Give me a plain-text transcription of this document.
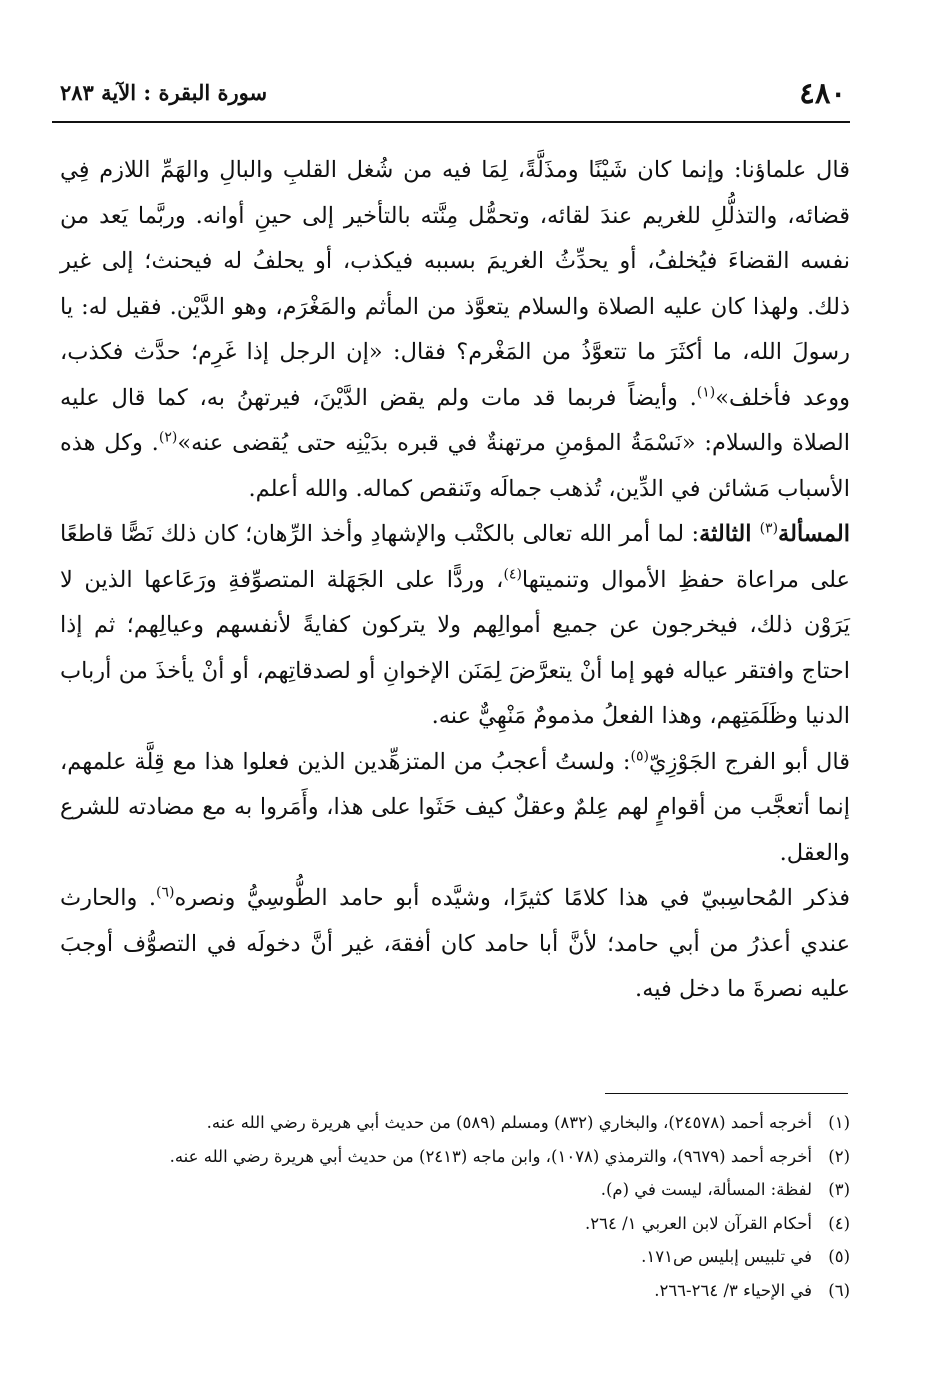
٤٨٠
سورة البقرة : الآية ٢٨٣

قال علماؤنا: وإنما كان شَيْنًا ومذَلَّةً، لِمَا فيه من شُغل القلبِ والبالِ والهَمِّ اللازم فِي قضائه، والتذلُّلِ للغريم عندَ لقائه، وتحمُّل مِنَّته بالتأخير إلى حينِ أوانه. وربَّما يَعد من نفسه القضاءَ فيُخلفُ، أو يحدِّثُ الغريمَ بسببه فيكذب، أو يحلفُ له فيحنث؛ إلى غير ذلك. ولهذا كان عليه الصلاة والسلام يتعوَّذ من المأثم والمَغْرَم، وهو الدَّيْن. فقيل له: يا رسولَ الله، ما أكثَرَ ما تتعوَّذُ من المَغْرم؟ فقال: «إن الرجل إذا غَرِم؛ حدَّث فكذب، ووعد فأخلف»$^{(١)}$. وأيضاً فربما قد مات ولم يقض الدَّيْنَ، فيرتهنُ به، كما قال عليه الصلاة والسلام: «نَسْمَةُ المؤمنِ مرتهنةٌ في قبره بدَيْنِه حتى يُقضى عنه»$^{(٢)}$. وكل هذه الأسباب مَشائن في الدِّين، تُذهب جمالَه وتَنقص كماله. والله أعلم.

المسألة$^{(٣)}$ الثالثة: لما أمر الله تعالى بالكتْب والإشهادِ وأخذ الرِّهان؛ كان ذلك نَصًّا قاطعًا على مراعاة حفظِ الأموال وتنميتها$^{(٤)}$، وردًّا على الجَهَلة المتصوِّفةِ ورَعَاعها الذين لا يَرَوْن ذلك، فيخرجون عن جميع أموالِهم ولا يتركون كفايةً لأنفسهم وعيالِهم؛ ثم إذا احتاج وافتقر عياله فهو إما أنْ يتعرَّضَ لِمَنَن الإخوانِ أو لصدقاتِهم، أو أنْ يأخذَ من أرباب الدنيا وظَلَمَتِهم، وهذا الفعلُ مذمومٌ مَنْهِيٌّ عنه.

قال أبو الفرج الجَوْزِيّ$^{(٥)}$: ولستُ أعجبُ من المتزهِّدين الذين فعلوا هذا مع قِلَّة علمهم، إنما أتعجَّب من أقوامٍ لهم عِلمٌ وعقلٌ كيف حَثَوا على هذا، وأَمَروا به مع مضادته للشرع والعقل.

فذكر المُحاسِبيّ في هذا كلامًا كثيرًا، وشيَّده أبو حامد الطُّوسِيُّ ونصره$^{(٦)}$. والحارث عندي أعذرُ من أبي حامد؛ لأنَّ أبا حامد كان أفقهَ، غير أنَّ دخولَه في التصوُّف أوجبَ عليه نصرةَ ما دخل فيه.

(١)
أخرجه أحمد (٢٤٥٧٨)، والبخاري (٨٣٢) ومسلم (٥٨٩) من حديث أبي هريرة رضي الله عنه.
(٢)
أخرجه أحمد (٩٦٧٩)، والترمذي (١٠٧٨)، وابن ماجه (٢٤١٣) من حديث أبي هريرة رضي الله عنه.
(٣)
لفظة: المسألة، ليست في (م).
(٤)
أحكام القرآن لابن العربي ١/ ٢٦٤.
(٥)
في تلبيس إبليس ص١٧١.
(٦)
في الإحياء ٣/ ٢٦٤-٢٦٦.
